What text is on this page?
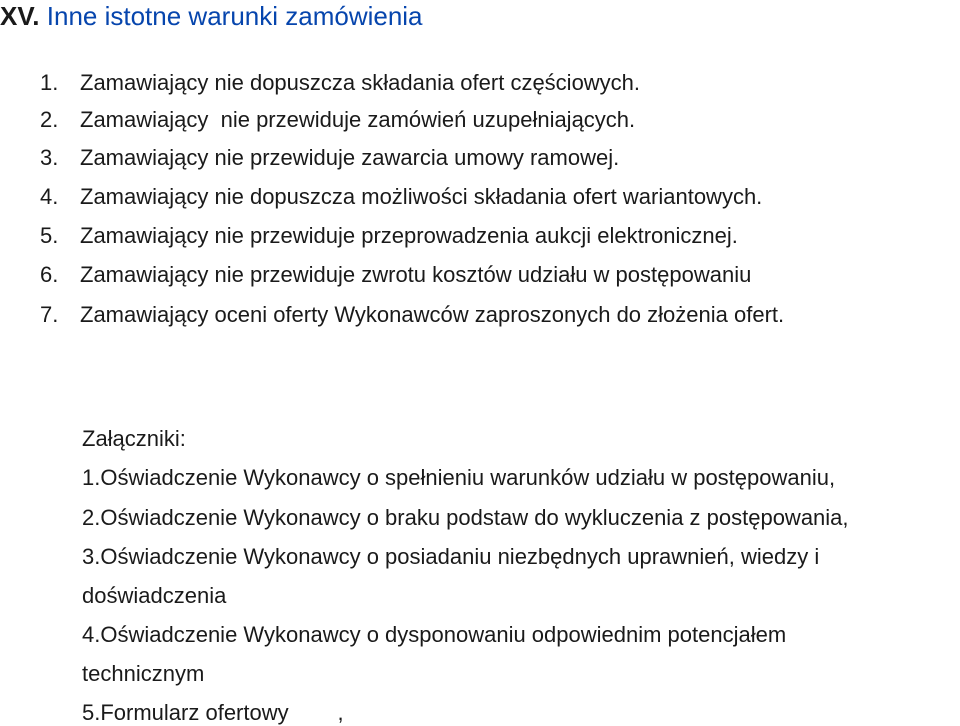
XV. Inne istotne warunki zamówienia
1. Zamawiający nie dopuszcza składania ofert częściowych.
2. Zamawiający  nie przewiduje zamówień uzupełniających.
3. Zamawiający nie przewiduje zawarcia umowy ramowej.
4. Zamawiający nie dopuszcza możliwości składania ofert wariantowych.
5. Zamawiający nie przewiduje przeprowadzenia aukcji elektronicznej.
6. Zamawiający nie przewiduje zwrotu kosztów udziału w postępowaniu
7. Zamawiający oceni oferty Wykonawców zaproszonych do złożenia ofert.
Załączniki:
1.Oświadczenie Wykonawcy o spełnieniu warunków udziału w postępowaniu,
2.Oświadczenie Wykonawcy o braku podstaw do wykluczenia z postępowania,
3.Oświadczenie Wykonawcy o posiadaniu niezbędnych uprawnień, wiedzy i
doświadczenia
4.Oświadczenie Wykonawcy o dysponowaniu odpowiednim potencjałem
technicznym
5.Formularz ofertowy        ,
